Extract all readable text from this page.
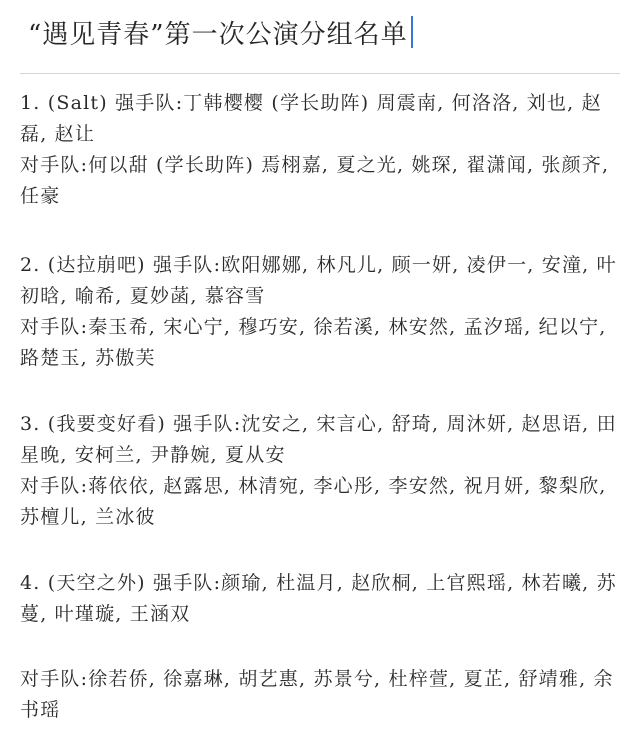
“遇见青春”第一次公演分组名单

1. (Salt) 强手队:丁韩樱樱 (学长助阵) 周震南, 何洛洛, 刘也, 赵磊, 赵让

对手队:何以甜 (学长助阵) 焉栩嘉, 夏之光, 姚琛, 翟潇闻, 张颜齐, 任豪

2. (达拉崩吧) 强手队:欧阳娜娜, 林凡儿, 顾一妍, 凌伊一, 安潼, 叶初晗, 喻希, 夏妙菡, 慕容雪

对手队:秦玉希, 宋心宁, 穆巧安, 徐若溪, 林安然, 孟汐瑶, 纪以宁, 路楚玉, 苏傲芙

3. (我要变好看) 强手队:沈安之, 宋言心, 舒琦, 周沐妍, 赵思语, 田星晚, 安柯兰, 尹静婉, 夏从安

对手队:蒋依依, 赵露思, 林清宛, 李心彤, 李安然, 祝月妍, 黎梨欣, 苏檀儿, 兰冰彼

4. (天空之外) 强手队:颜瑜, 杜温月, 赵欣桐, 上官熙瑶, 林若曦, 苏蔓, 叶瑾璇, 王涵双

对手队:徐若侨, 徐嘉琳, 胡艺惠, 苏景兮, 杜梓萱, 夏芷, 舒靖雅, 余书瑶
